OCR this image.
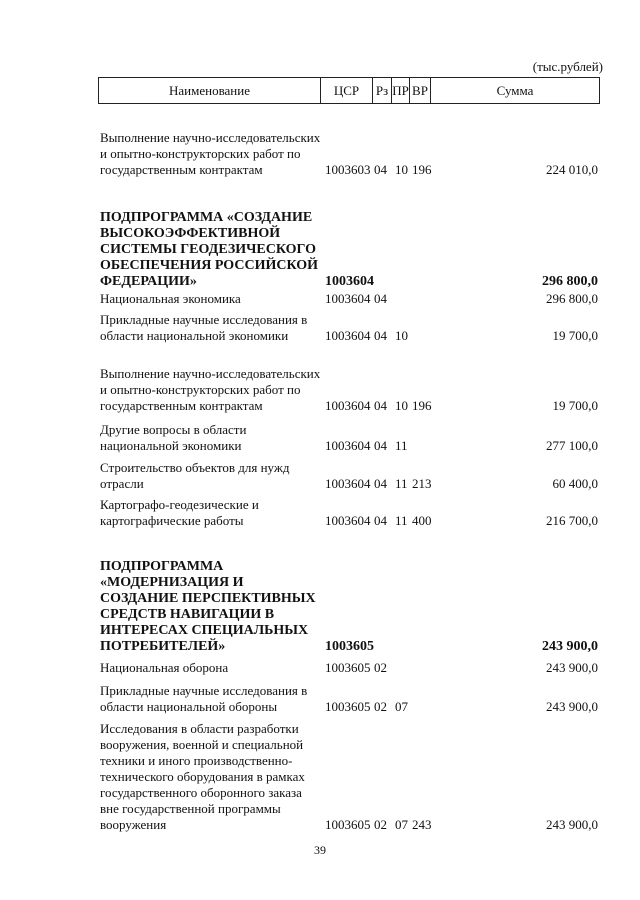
(тыс.рублей)
Наименование	ЦСР	Рз ПР ВР	Сумма
Выполнение научно-исследовательских и опытно-конструкторских работ по государственным контрактам	1003603 04 10 196	224 010,0
ПОДПРОГРАММА «СОЗДАНИЕ ВЫСОКОЭФФЕКТИВНОЙ СИСТЕМЫ ГЕОДЕЗИЧЕСКОГО ОБЕСПЕЧЕНИЯ РОССИЙСКОЙ ФЕДЕРАЦИИ»	1003604	296 800,0
Национальная экономика	1003604 04	296 800,0
Прикладные научные исследования в области национальной экономики	1003604 04 10	19 700,0
Выполнение научно-исследовательских и опытно-конструкторских работ по государственным контрактам	1003604 04 10 196	19 700,0
Другие вопросы в области национальной экономики	1003604 04 11	277 100,0
Строительство объектов для нужд отрасли	1003604 04 11 213	60 400,0
Картографо-геодезические и картографические работы	1003604 04 11 400	216 700,0
ПОДПРОГРАММА «МОДЕРНИЗАЦИЯ И СОЗДАНИЕ ПЕРСПЕКТИВНЫХ СРЕДСТВ НАВИГАЦИИ В ИНТЕРЕСАХ СПЕЦИАЛЬНЫХ ПОТРЕБИТЕЛЕЙ»	1003605	243 900,0
Национальная оборона	1003605 02	243 900,0
Прикладные научные исследования в области национальной обороны	1003605 02 07	243 900,0
Исследования в области разработки вооружения, военной и специальной техники и иного производственно-технического оборудования в рамках государственного оборонного заказа вне государственной программы вооружения	1003605 02 07 243	243 900,0
39
